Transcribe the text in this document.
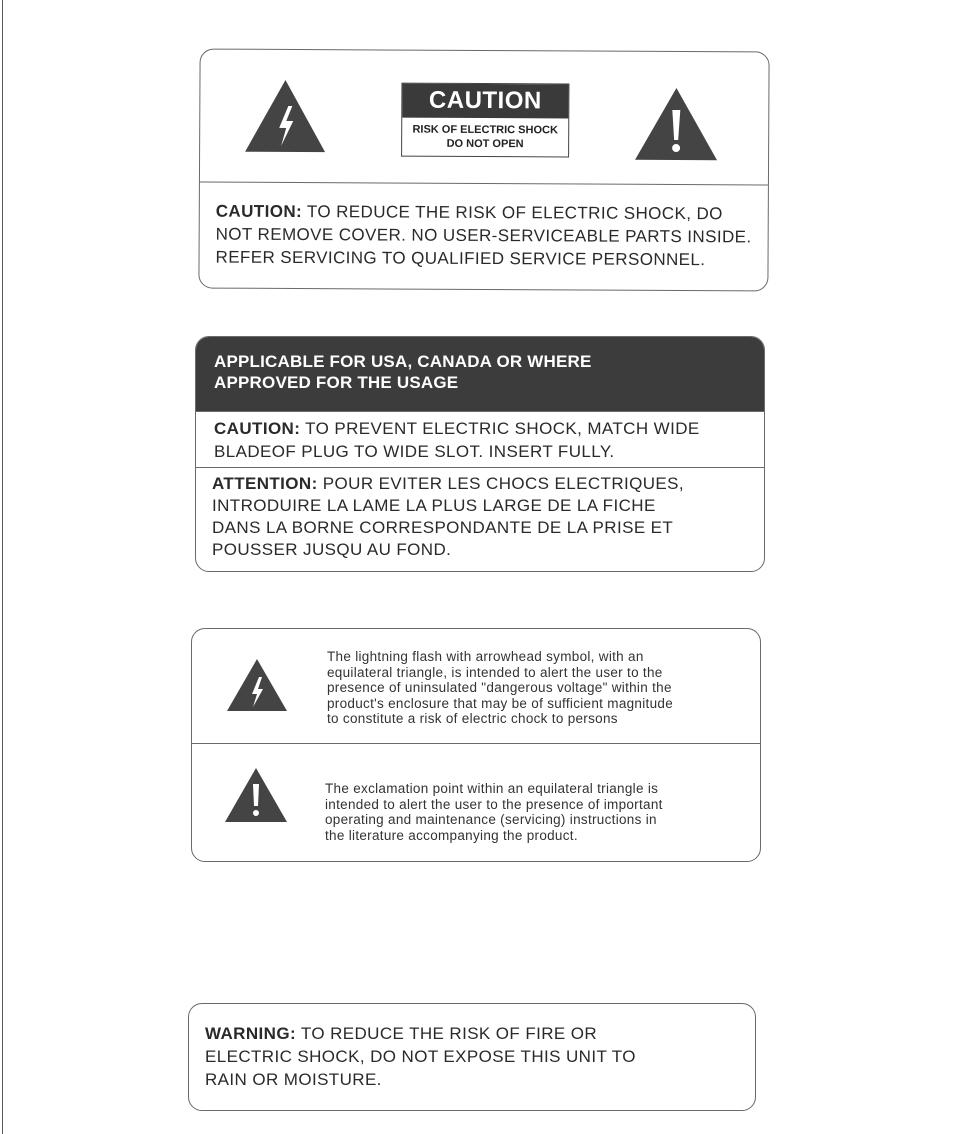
CAUTION
RISK OF ELECTRIC SHOCK
DO NOT OPEN
CAUTION: TO REDUCE THE RISK OF ELECTRIC SHOCK, DO
NOT REMOVE COVER. NO USER-SERVICEABLE PARTS INSIDE.
REFER SERVICING TO QUALIFIED SERVICE PERSONNEL.
APPLICABLE FOR USA, CANADA OR WHERE
APPROVED FOR THE USAGE
CAUTION: TO PREVENT ELECTRIC SHOCK, MATCH WIDE
BLADEOF PLUG TO WIDE SLOT. INSERT FULLY.
ATTENTION: POUR EVITER LES CHOCS ELECTRIQUES,
INTRODUIRE LA LAME LA PLUS LARGE DE LA FICHE
DANS LA BORNE CORRESPONDANTE DE LA PRISE ET
POUSSER JUSQU AU FOND.
The lightning flash with arrowhead symbol, with an
equilateral triangle, is intended to alert the user to the
presence of uninsulated "dangerous voltage" within the
product's enclosure that may be of sufficient magnitude
to constitute a risk of electric chock to persons
The exclamation point within an equilateral triangle is
intended to alert the user to the presence of important
operating and maintenance (servicing) instructions in
the literature accompanying the product.
WARNING: TO REDUCE THE RISK OF FIRE OR
ELECTRIC SHOCK, DO NOT EXPOSE THIS UNIT TO
RAIN OR MOISTURE.
